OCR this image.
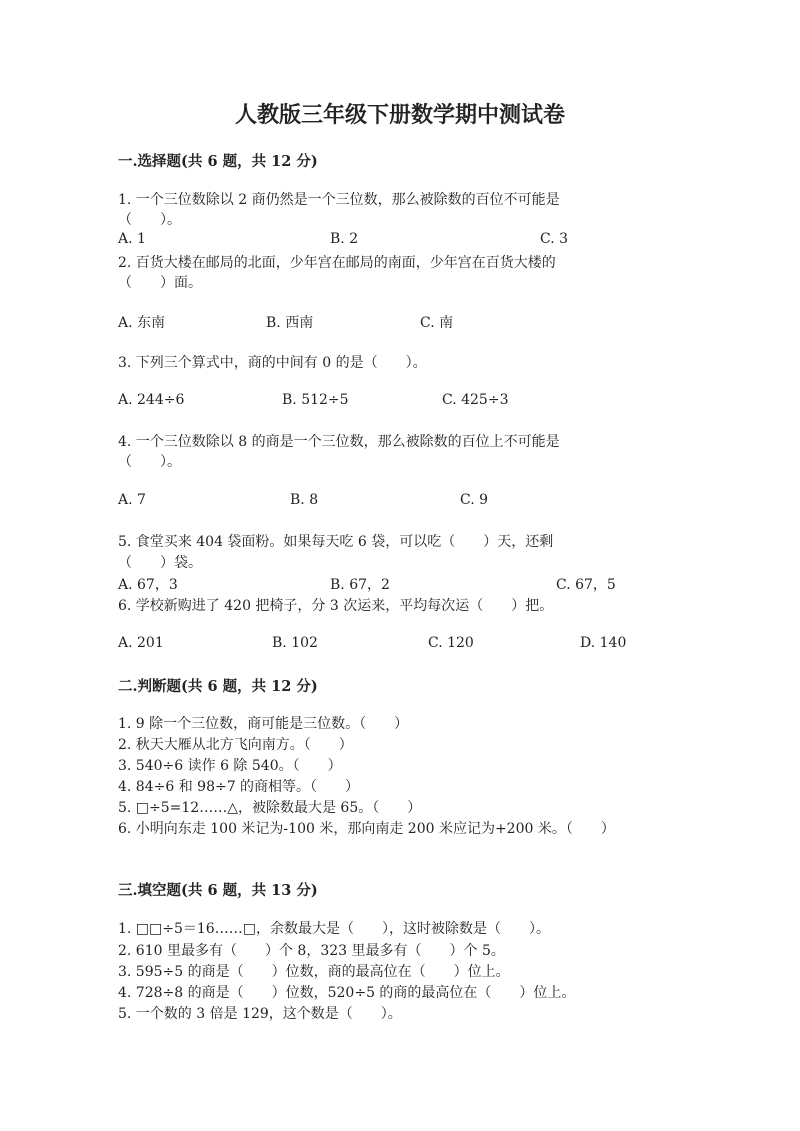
人教版三年级下册数学期中测试卷
一.选择题(共 6 题，共 12 分)
1. 一个三位数除以 2 商仍然是一个三位数，那么被除数的百位不可能是
（　　）。
A. 1	B. 2	C. 3
2. 百货大楼在邮局的北面，少年宫在邮局的南面，少年宫在百货大楼的
（　　）面。
A. 东南	B. 西南	C. 南
3. 下列三个算式中，商的中间有 0 的是（　　）。
A. 244÷6	B. 512÷5	C. 425÷3
4. 一个三位数除以 8 的商是一个三位数，那么被除数的百位上不可能是
（　　）。
A. 7	B. 8	C. 9
5. 食堂买来 404 袋面粉。如果每天吃 6 袋，可以吃（　　）天，还剩
（　　）袋。
A. 67，3	B. 67，2	C. 67，5
6. 学校新购进了 420 把椅子，分 3 次运来，平均每次运（　　）把。
A. 201	B. 102	C. 120	D. 140
二.判断题(共 6 题，共 12 分)
1. 9 除一个三位数，商可能是三位数。（　　）
2. 秋天大雁从北方飞向南方。（　　）
3. 540÷6 读作 6 除 540。（　　）
4. 84÷6 和 98÷7 的商相等。（　　）
5. □÷5=12……△，被除数最大是 65。（　　）
6. 小明向东走 100 米记为-100 米，那向南走 200 米应记为+200 米。（　　）
三.填空题(共 6 题，共 13 分)
1. □□÷5＝16……□，余数最大是（　　），这时被除数是（　　）。
2. 610 里最多有（　　）个 8，323 里最多有（　　）个 5。
3. 595÷5 的商是（　　）位数，商的最高位在（　　）位上。
4. 728÷8 的商是（　　）位数，520÷5 的商的最高位在（　　）位上。
5. 一个数的 3 倍是 129，这个数是（　　）。
